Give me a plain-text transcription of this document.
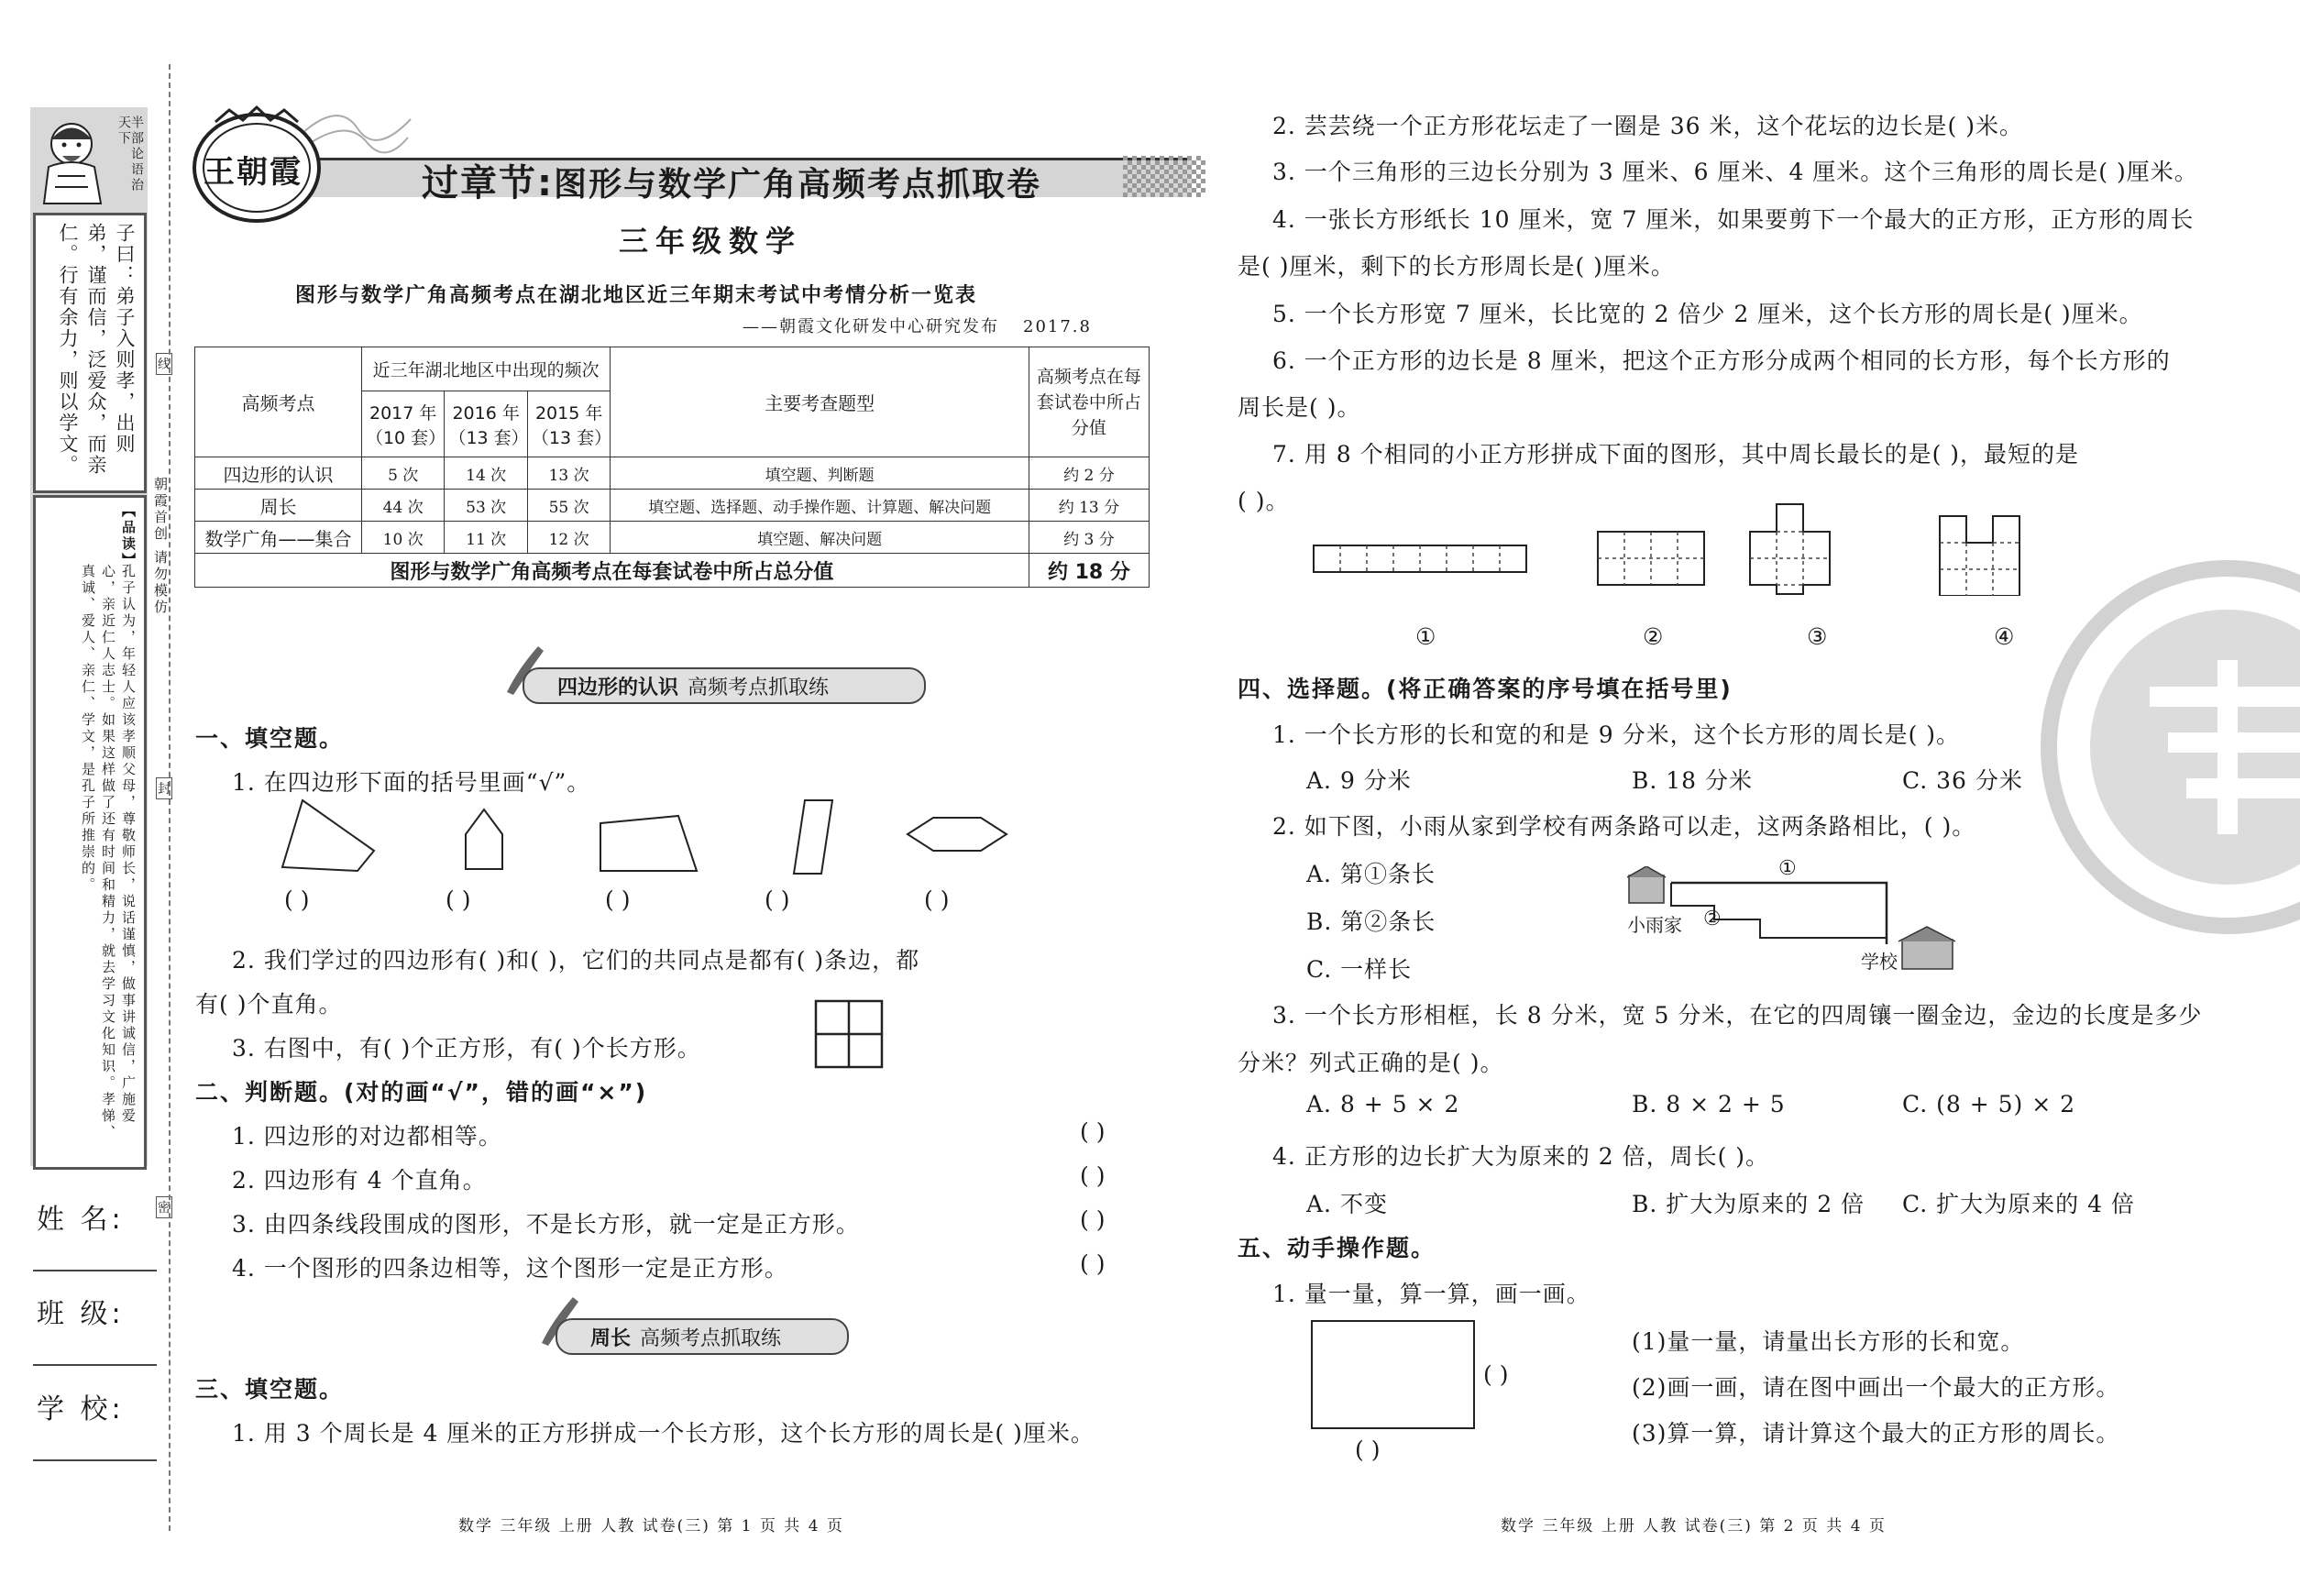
半部论语治天下
子曰：弟子入则孝，出则弟，谨而信，泛爱众，而亲仁。行有余力，则以学文。
【品读】
孔子认为，年轻人应该孝顺父母，尊敬师长，说话谨慎，做事讲诚信，广施爱心，亲近仁人志士。如果这样做了还有时间和精力，就去学习文化知识。孝悌、真诚、爱人、亲仁、学文，是孔子所推崇的。
朝霞首创 请勿模仿
线
封
密
姓 名:
班 级:
学 校:
王朝霞	过章节:图形与数学广角高频考点抓取卷
三年级数学
图形与数学广角高频考点在湖北地区近三年期末考试中考情分析一览表
——朝霞文化研发中心研究发布 2017.8
高频考点	近三年湖北地区中出现的频次			主要考查题型	高频考点在每套试卷中所占分值
	2017 年（10 套）	2016 年（13 套）	2015 年（13 套）		
四边形的认识	5 次	14 次	13 次	填空题、判断题	约 2 分
周长	44 次	53 次	55 次	填空题、选择题、动手操作题、计算题、解决问题	约 13 分
数学广角——集合	10 次	11 次	12 次	填空题、解决问题	约 3 分
图形与数学广角高频考点在每套试卷中所占总分值					约 18 分
四边形的认识 高频考点抓取练
一、填空题。
1. 在四边形下面的括号里画“√”。
( )	( )	( )	( )	( )
2. 我们学过的四边形有( )和( )，它们的共同点是都有( )条边，都
有( )个直角。
3. 右图中，有( )个正方形，有( )个长方形。
二、判断题。(对的画“√”，错的画“×”)
1. 四边形的对边都相等。	( )
2. 四边形有 4 个直角。	( )
3. 由四条线段围成的图形，不是长方形，就一定是正方形。	( )
4. 一个图形的四条边相等，这个图形一定是正方形。	( )
周长 高频考点抓取练
三、填空题。
1. 用 3 个周长是 4 厘米的正方形拼成一个长方形，这个长方形的周长是( )厘米。
数学 三年级 上册 人教 试卷(三) 第 1 页 共 4 页
2. 芸芸绕一个正方形花坛走了一圈是 36 米，这个花坛的边长是( )米。
3. 一个三角形的三边长分别为 3 厘米、6 厘米、4 厘米。这个三角形的周长是( )厘米。
4. 一张长方形纸长 10 厘米，宽 7 厘米，如果要剪下一个最大的正方形，正方形的周长
是( )厘米，剩下的长方形周长是( )厘米。
5. 一个长方形宽 7 厘米，长比宽的 2 倍少 2 厘米，这个长方形的周长是( )厘米。
6. 一个正方形的边长是 8 厘米，把这个正方形分成两个相同的长方形，每个长方形的
周长是( )。
7. 用 8 个相同的小正方形拼成下面的图形，其中周长最长的是( )，最短的是
( )。
①	②	③	④
四、选择题。(将正确答案的序号填在括号里)
1. 一个长方形的长和宽的和是 9 分米，这个长方形的周长是( )。
A. 9 分米	B. 18 分米	C. 36 分米
2. 如下图，小雨从家到学校有两条路可以走，这两条路相比，( )。
A. 第①条长
B. 第②条长
C. 一样长
①
②
小雨家
学校
3. 一个长方形相框，长 8 分米，宽 5 分米，在它的四周镶一圈金边，金边的长度是多少
分米？列式正确的是( )。
A. 8 + 5 × 2	B. 8 × 2 + 5	C. (8 + 5) × 2
4. 正方形的边长扩大为原来的 2 倍，周长( )。
A. 不变	B. 扩大为原来的 2 倍 C. 扩大为原来的 4 倍
五、动手操作题。
1. 量一量，算一算，画一画。
( )
( )
(1)量一量，请量出长方形的长和宽。
(2)画一画，请在图中画出一个最大的正方形。
(3)算一算，请计算这个最大的正方形的周长。
数学 三年级 上册 人教 试卷(三) 第 2 页 共 4 页
